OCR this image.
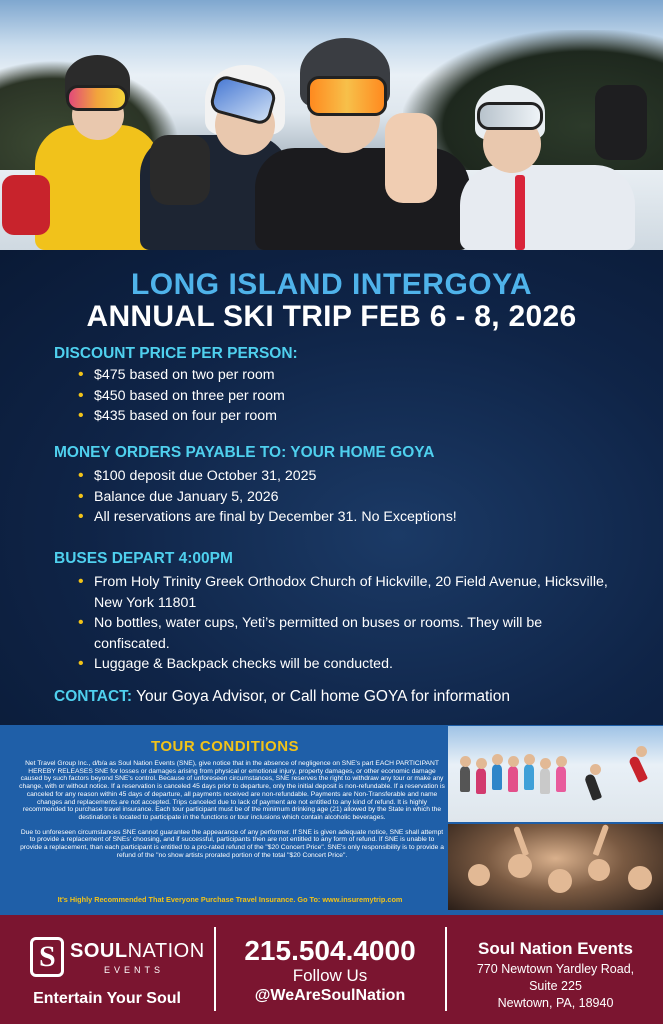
LONG ISLAND INTERGOYA
ANNUAL SKI TRIP FEB 6 - 8, 2026
DISCOUNT PRICE PER PERSON:
• $475 based on two per room
• $450 based on three per room
• $435 based on four per room
MONEY ORDERS PAYABLE TO: YOUR HOME GOYA
• $100 deposit due October 31, 2025
• Balance due January 5, 2026
• All reservations are final by December 31. No Exceptions!
BUSES DEPART 4:00PM
• From Holy Trinity Greek Orthodox Church of Hickville, 20 Field Avenue, Hicksville, New York 11801
• No bottles, water cups, Yeti’s permitted on buses or rooms. They will be confiscated.
• Luggage & Backpack checks will be conducted.
CONTACT: Your Goya Advisor, or Call home GOYA for information
TOUR CONDITIONS

Net Travel Group Inc., d/b/a as Soul Nation Events (SNE), give notice that in the absence of negligence on SNE's part EACH PARTICIPANT HEREBY RELEASES SNE for losses or damages arising from physical or emotional injury, property damages, or other economic damage caused by such factors beyond SNE's control. Because of unforeseen circumstances, SNE reserves the right to withdraw any tour or make any change, with or without notice. If a reservation is canceled 45 days prior to departure, only the initial deposit is non-refundable. If a reservation is canceled for any reason within 45 days of departure, all payments received are non-refundable. Payments are Non-Transferable and name changes and replacements are not accepted. Trips canceled due to lack of payment are not entitled to any kind of refund. It is highly recommended to purchase travel insurance. Each tour participant must be of the minimum drinking age (21) allowed by the State in which the destination is located to participate in the functions or tour inclusions which contain alcoholic beverages.

Due to unforeseen circumstances SNE cannot guarantee the appearance of any performer. If SNE is given adequate notice, SNE shall attempt to provide a replacement of SNEs' choosing, and if successful, participants then are not entitled to any form of refund. If SNE is unable to provide a replacement, than each participant is entitled to a pro-rated refund of the "$20 Concert Price". SNE's only responsibility is to provide a refund of the "no show artists prorated portion of the total "$20 Concert Price".

It's Highly Recommended That Everyone Purchase Travel Insurance. Go To: www.insuremytrip.com
S SOULNATION
EVENTS
Entertain Your Soul
215.504.4000
Follow Us
@WeAreSoulNation
Soul Nation Events
770 Newtown Yardley Road,
Suite 225
Newtown, PA, 18940
